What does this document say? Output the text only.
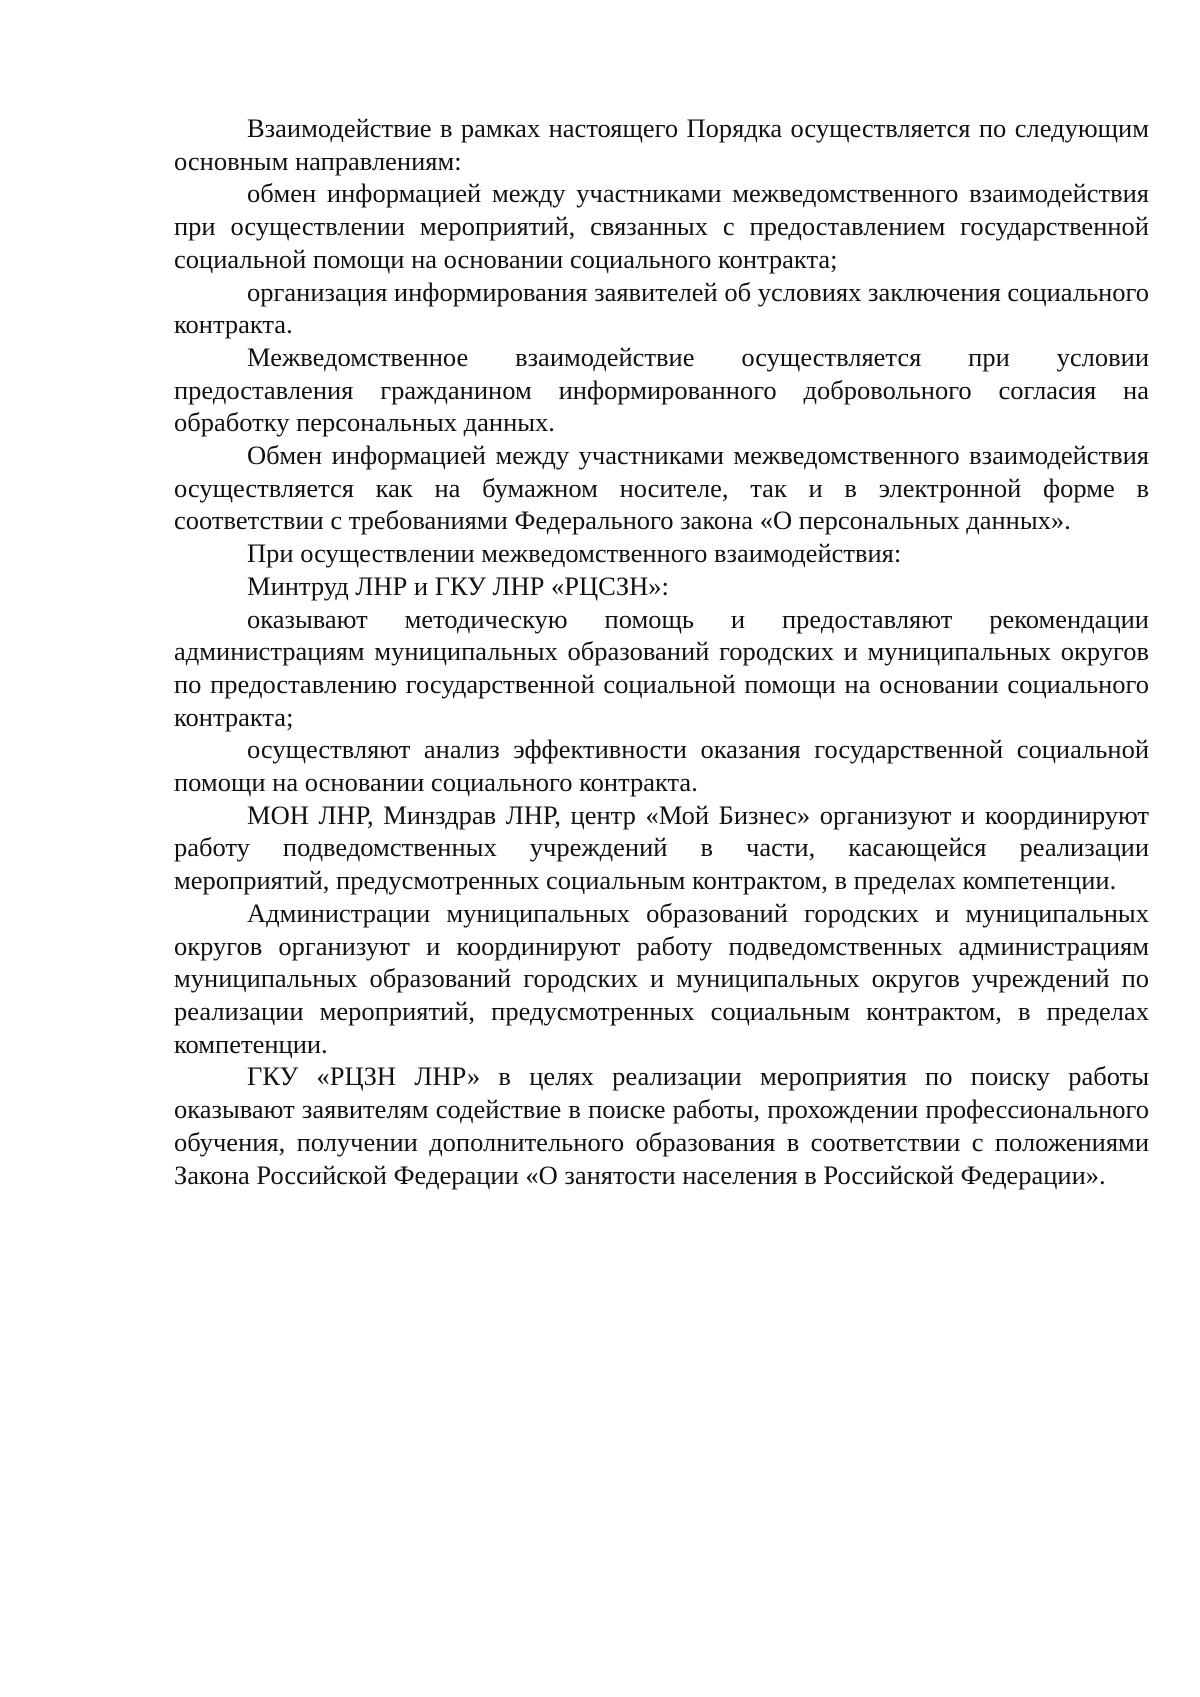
Взаимодействие в рамках настоящего Порядка осуществляется по следующим основным направлениям:

обмен информацией между участниками межведомственного взаимодействия при осуществлении мероприятий, связанных с предоставлением государственной социальной помощи на основании социального контракта;

организация информирования заявителей об условиях заключения социального контракта.

Межведомственное взаимодействие осуществляется при условии предоставления гражданином информированного добровольного согласия на обработку персональных данных.

Обмен информацией между участниками межведомственного взаимодействия осуществляется как на бумажном носителе, так и в электронной форме в соответствии с требованиями Федерального закона «О персональных данных».

При осуществлении межведомственного взаимодействия:

Минтруд ЛНР и ГКУ ЛНР «РЦСЗН»:

оказывают методическую помощь и предоставляют рекомендации администрациям муниципальных образований городских и муниципальных округов по предоставлению государственной социальной помощи на основании социального контракта;

осуществляют анализ эффективности оказания государственной социальной помощи на основании социального контракта.

МОН ЛНР, Минздрав ЛНР, центр «Мой Бизнес» организуют и координируют работу подведомственных учреждений в части, касающейся реализации мероприятий, предусмотренных социальным контрактом, в пределах компетенции.

Администрации муниципальных образований городских и муниципальных округов организуют и координируют работу подведомственных администрациям муниципальных образований городских и муниципальных округов учреждений по реализации мероприятий, предусмотренных социальным контрактом, в пределах компетенции.

ГКУ «РЦЗН ЛНР» в целях реализации мероприятия по поиску работы оказывают заявителям содействие в поиске работы, прохождении профессионального обучения, получении дополнительного образования в соответствии с положениями Закона Российской Федерации «О занятости населения в Российской Федерации».
